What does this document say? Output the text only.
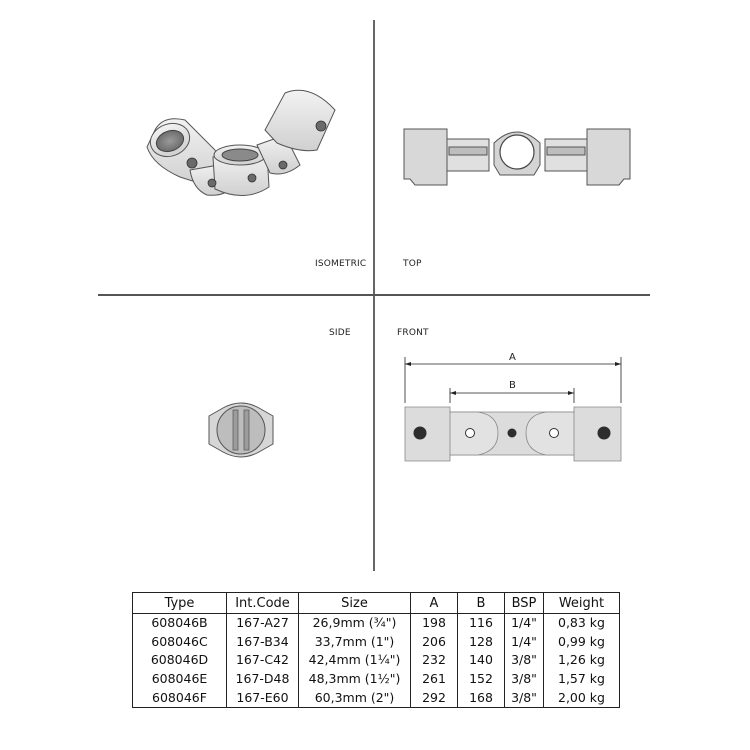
A
B
ISOMETRIC	TOP
SIDE	FRONT
Type	Int.Code	Size	A	B	BSP	Weight
608046B	167-A27	26,9mm (¾")	198	116	1/4"	0,83 kg
608046C	167-B34	33,7mm (1")	206	128	1/4"	0,99 kg
608046D	167-C42	42,4mm (1¼")	232	140	3/8"	1,26 kg
608046E	167-D48	48,3mm (1½")	261	152	3/8"	1,57 kg
608046F	167-E60	60,3mm (2")	292	168	3/8"	2,00 kg
